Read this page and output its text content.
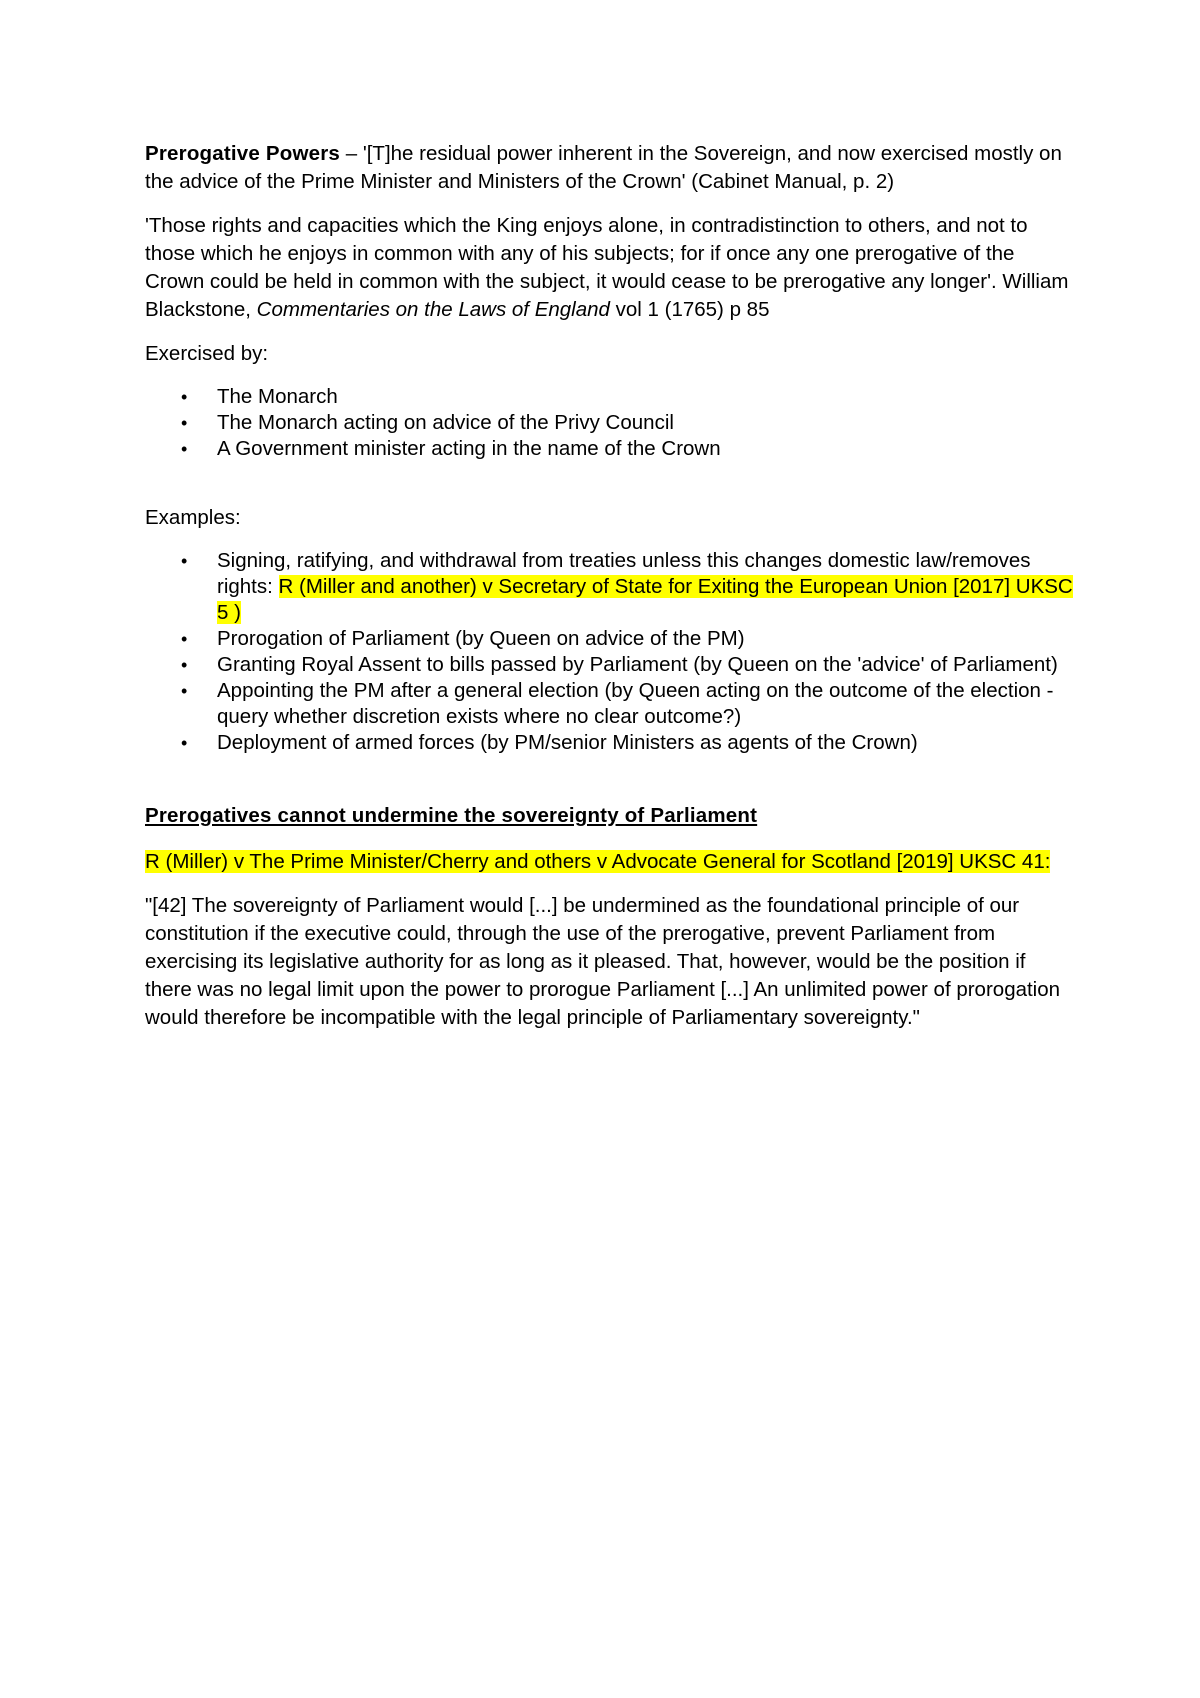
Prerogative Powers – '[T]he residual power inherent in the Sovereign, and now exercised mostly on the advice of the Prime Minister and Ministers of the Crown' (Cabinet Manual, p. 2)

'Those rights and capacities which the King enjoys alone, in contradistinction to others, and not to those which he enjoys in common with any of his subjects; for if once any one prerogative of the Crown could be held in common with the subject, it would cease to be prerogative any longer'. William Blackstone, Commentaries on the Laws of England vol 1 (1765) p 85

Exercised by:

• The Monarch
• The Monarch acting on advice of the Privy Council
• A Government minister acting in the name of the Crown

Examples:

• Signing, ratifying, and withdrawal from treaties unless this changes domestic law/removes rights: R (Miller and another) v Secretary of State for Exiting the European Union [2017] UKSC 5 )
• Prorogation of Parliament (by Queen on advice of the PM)
• Granting Royal Assent to bills passed by Parliament (by Queen on the 'advice' of Parliament)
• Appointing the PM after a general election (by Queen acting on the outcome of the election - query whether discretion exists where no clear outcome?)
• Deployment of armed forces (by PM/senior Ministers as agents of the Crown)

Prerogatives cannot undermine the sovereignty of Parliament

R (Miller) v The Prime Minister/Cherry and others v Advocate General for Scotland [2019] UKSC 41:

"[42] The sovereignty of Parliament would [...] be undermined as the foundational principle of our constitution if the executive could, through the use of the prerogative, prevent Parliament from exercising its legislative authority for as long as it pleased. That, however, would be the position if there was no legal limit upon the power to prorogue Parliament [...] An unlimited power of prorogation would therefore be incompatible with the legal principle of Parliamentary sovereignty."
